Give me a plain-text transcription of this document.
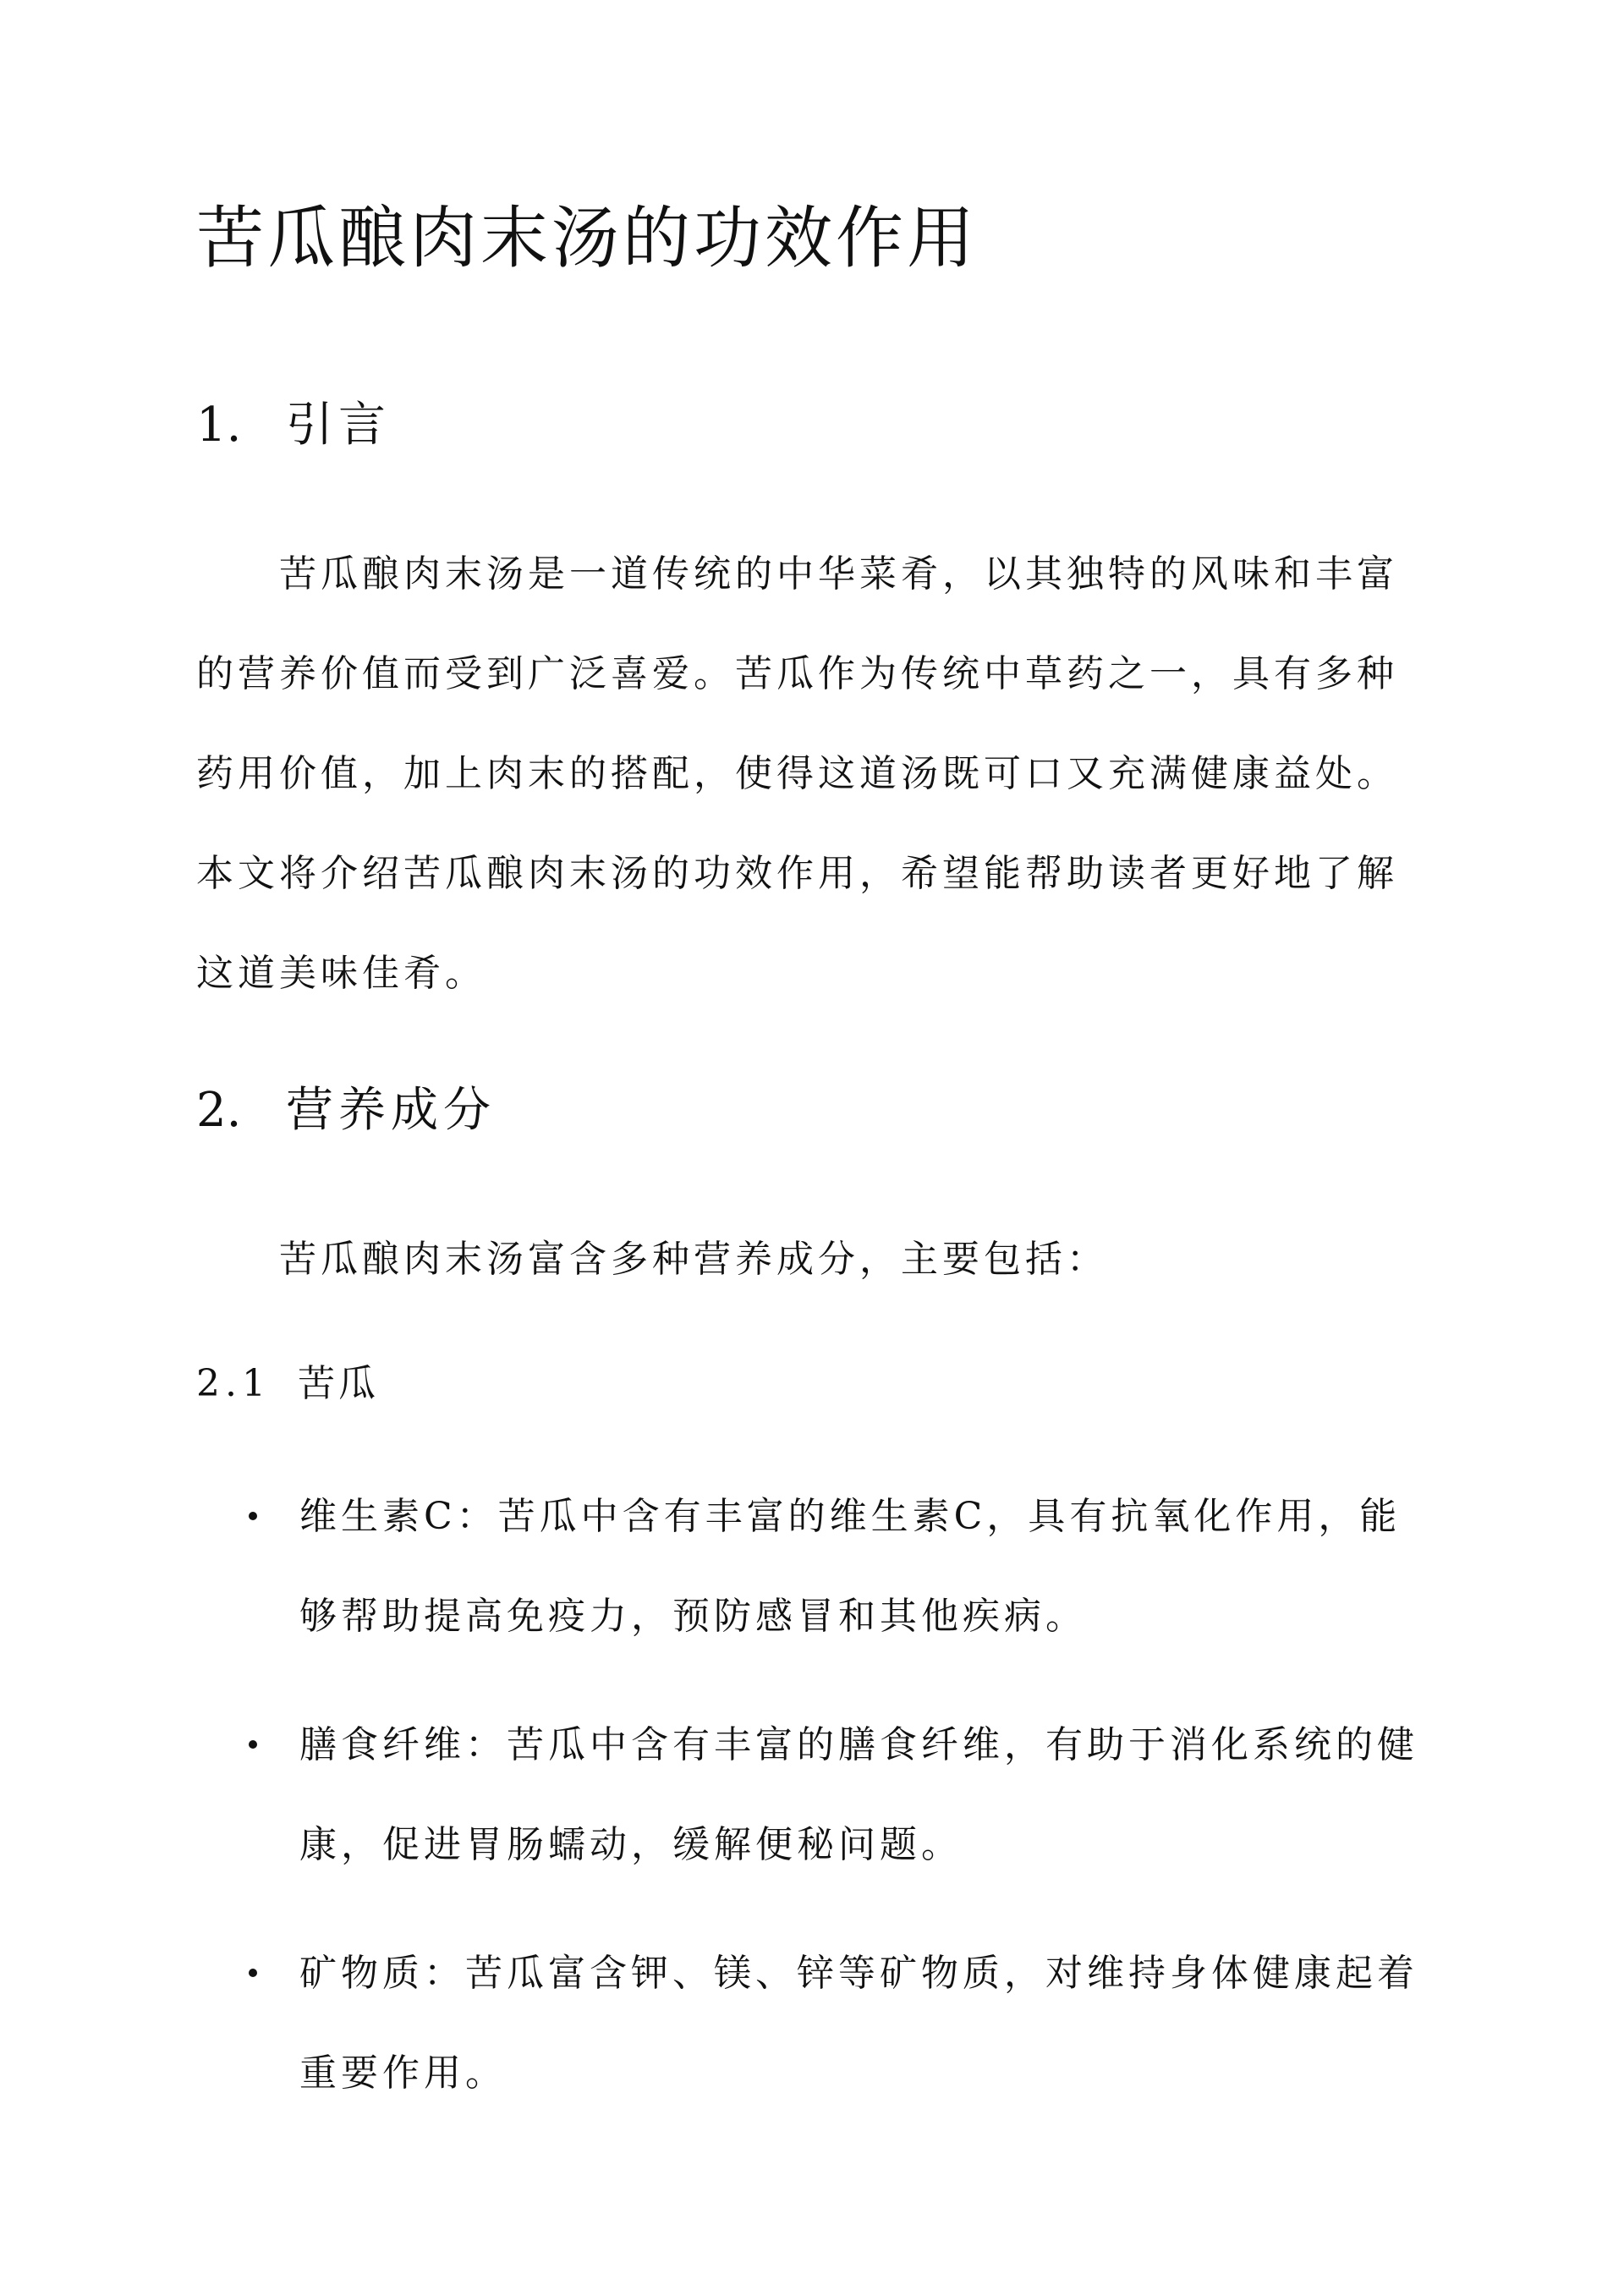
苦瓜酿肉末汤的功效作用
1. 引言

苦瓜酿肉末汤是一道传统的中华菜肴，以其独特的风味和丰富的营养价值而受到广泛喜爱。苦瓜作为传统中草药之一，具有多种药用价值，加上肉末的搭配，使得这道汤既可口又充满健康益处。本文将介绍苦瓜酿肉末汤的功效作用，希望能帮助读者更好地了解这道美味佳肴。

2. 营养成分

苦瓜酿肉末汤富含多种营养成分，主要包括：

2.1 苦瓜
维生素C：苦瓜中含有丰富的维生素C，具有抗氧化作用，能够帮助提高免疫力，预防感冒和其他疾病。
膳食纤维：苦瓜中含有丰富的膳食纤维，有助于消化系统的健康，促进胃肠蠕动，缓解便秘问题。
矿物质：苦瓜富含钾、镁、锌等矿物质，对维持身体健康起着重要作用。
